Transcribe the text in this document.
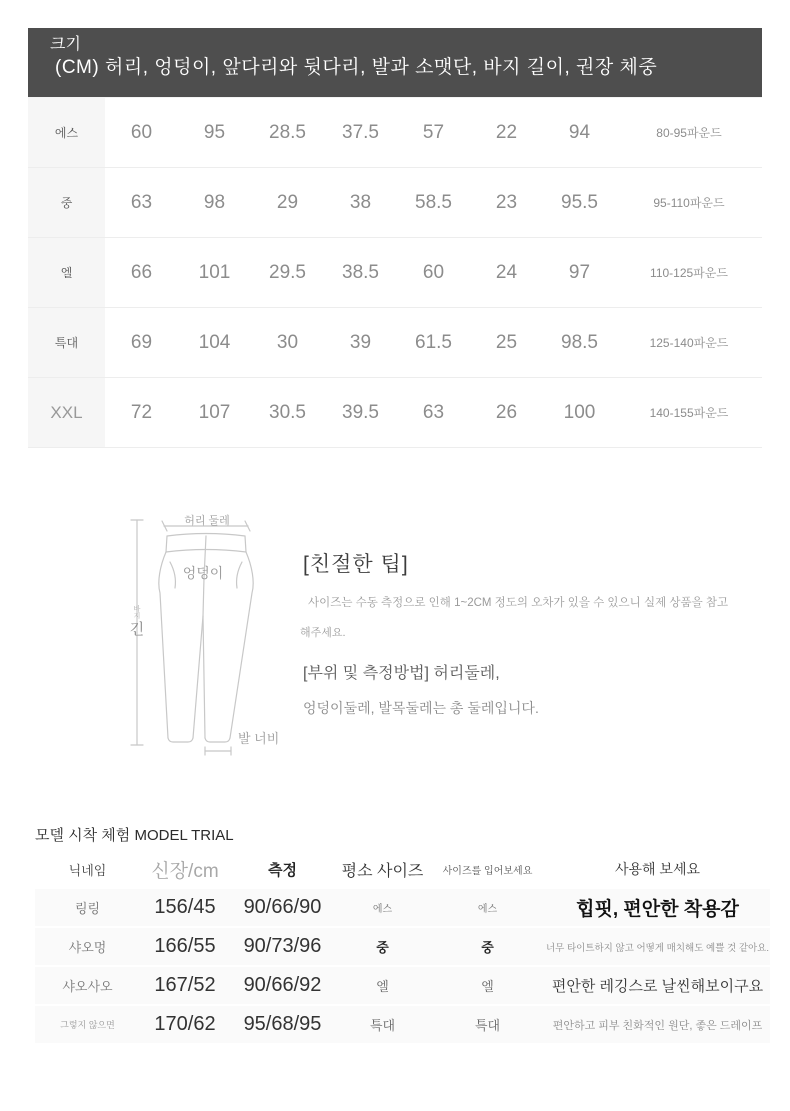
크기
(CM) 허리, 엉덩이, 앞다리와 뒷다리, 발과 소맷단, 바지 길이, 권장 체중
에스	60	95	28.5	37.5	57	22	94	80-95파운드
중	63	98	29	38	58.5	23	95.5	95-110파운드
엘	66	101	29.5	38.5	60	24	97	110-125파운드
특대	69	104	30	39	61.5	25	98.5	125-140파운드
XXL	72	107	30.5	39.5	63	26	100	140-155파운드
허리 둘레
엉덩이
바
지
긴
발 너비
[친절한 팁]
사이즈는 수동 측정으로 인해 1~2CM 정도의 오차가 있을 수 있으니 실제 상품을 참고
해주세요.
[부위 및 측정방법] 허리둘레,
엉덩이둘레, 발목둘레는 총 둘레입니다.
모델 시착 체험 MODEL TRIAL
닉네임	신장/cm	측정	평소 사이즈	사이즈를 입어보세요	사용해 보세요
링링	156/45	90/66/90	에스	에스	힙핏, 편안한 착용감
샤오멍	166/55	90/73/96	중	중	너무 타이트하지 않고 어떻게 매치해도 예쁠 것 같아요.
샤오사오	167/52	90/66/92	엘	엘	편안한 레깅스로 날씬해보이구요
그렇지 않으면	170/62	95/68/95	특대	특대	편안하고 피부 친화적인 원단, 좋은 드레이프
